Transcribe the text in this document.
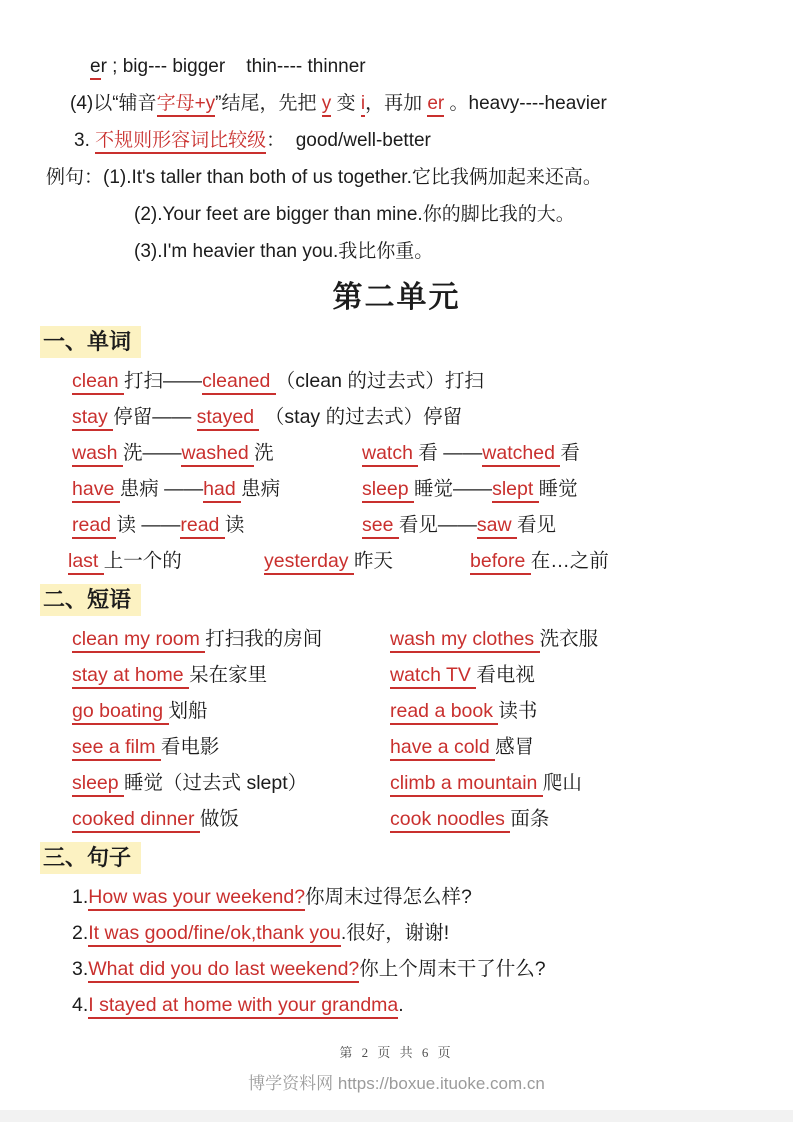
er ; big--- bigger    thin---- thinner
(4)以“辅音字母+y”结尾，先把 y 变 i，再加 er 。heavy----heavier
3. 不规则形容词比较级：  good/well-better
例句：(1).It's taller than both of us together.它比我俩加起来还高。
(2).Your feet are bigger than mine.你的脚比我的大。
(3).I'm heavier than you.我比你重。
第二单元
一、单词
clean 打扫——cleaned （clean 的过去式）打扫
stay 停留—— stayed  （stay 的过去式）停留
wash 洗——washed 洗	watch 看 ——watched 看
have 患病 ——had 患病	sleep 睡觉——slept 睡觉
read 读 ——read 读	see 看见——saw 看见
last 上一个的	yesterday 昨天	before 在…之前
二、短语
clean my room 打扫我的房间	wash my clothes 洗衣服
stay at home 呆在家里	watch TV 看电视
go boating 划船	read a book 读书
see a film 看电影	have a cold 感冒
sleep 睡觉（过去式 slept）	climb a mountain 爬山
cooked dinner 做饭	cook noodles 面条
三、句子
1.How was your weekend?你周末过得怎么样?
2.It was good/fine/ok,thank you.很好，谢谢!
3.What did you do last weekend?你上个周末干了什么?
4.I stayed at home with your grandma.
第 2 页 共 6 页
博学资料网 https://boxue.ituoke.com.cn
